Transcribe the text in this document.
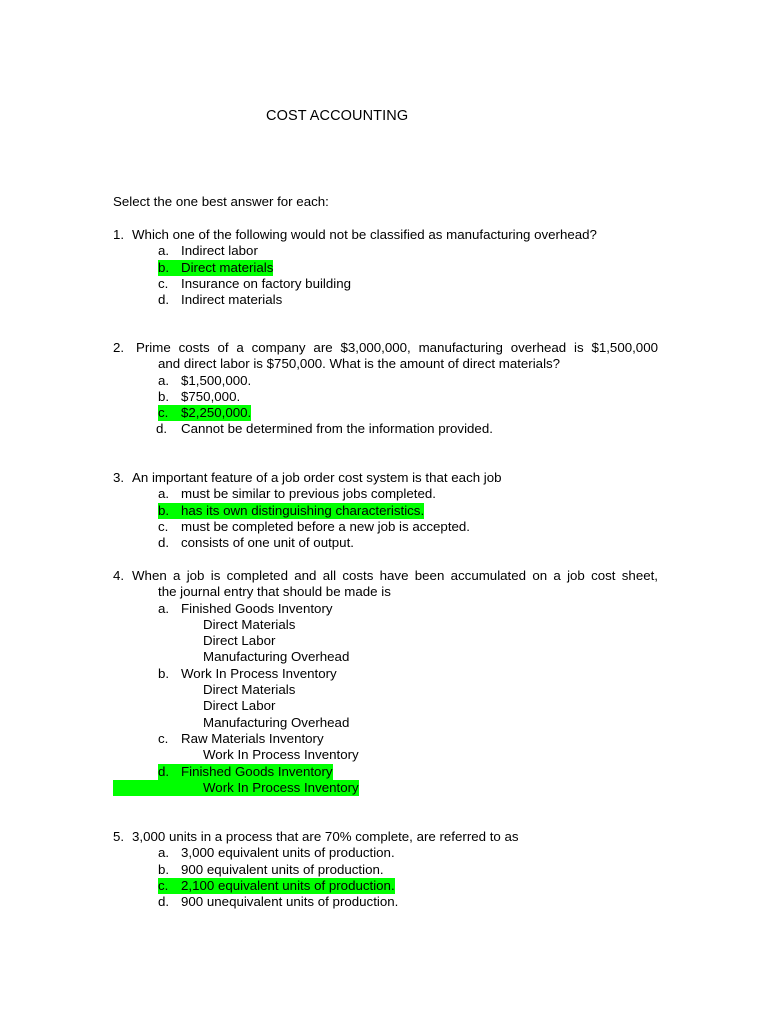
COST ACCOUNTING
Select the one best answer for each:
1. Which one of the following would not be classified as manufacturing overhead?
a. Indirect labor
b. Direct materials
c. Insurance on factory building
d. Indirect materials
2. Prime costs of a company are $3,000,000, manufacturing overhead is $1,500,000
and direct labor is $750,000. What is the amount of direct materials?
a. $1,500,000.
b. $750,000.
c. $2,250,000.
d.	Cannot be determined from the information provided.
3. An important feature of a job order cost system is that each job
a. must be similar to previous jobs completed.
b. has its own distinguishing characteristics.
c. must be completed before a new job is accepted.
d. consists of one unit of output.
4. When a job is completed and all costs have been accumulated on a job cost sheet,
the journal entry that should be made is
a. Finished Goods Inventory
Direct Materials
Direct Labor
Manufacturing Overhead
b. Work In Process Inventory
Direct Materials
Direct Labor
Manufacturing Overhead
c. Raw Materials Inventory
Work In Process Inventory
d. Finished Goods Inventory
Work In Process Inventory
5. 3,000 units in a process that are 70% complete, are referred to as
a. 3,000 equivalent units of production.
b. 900 equivalent units of production.
c. 2,100 equivalent units of production.
d. 900 unequivalent units of production.
